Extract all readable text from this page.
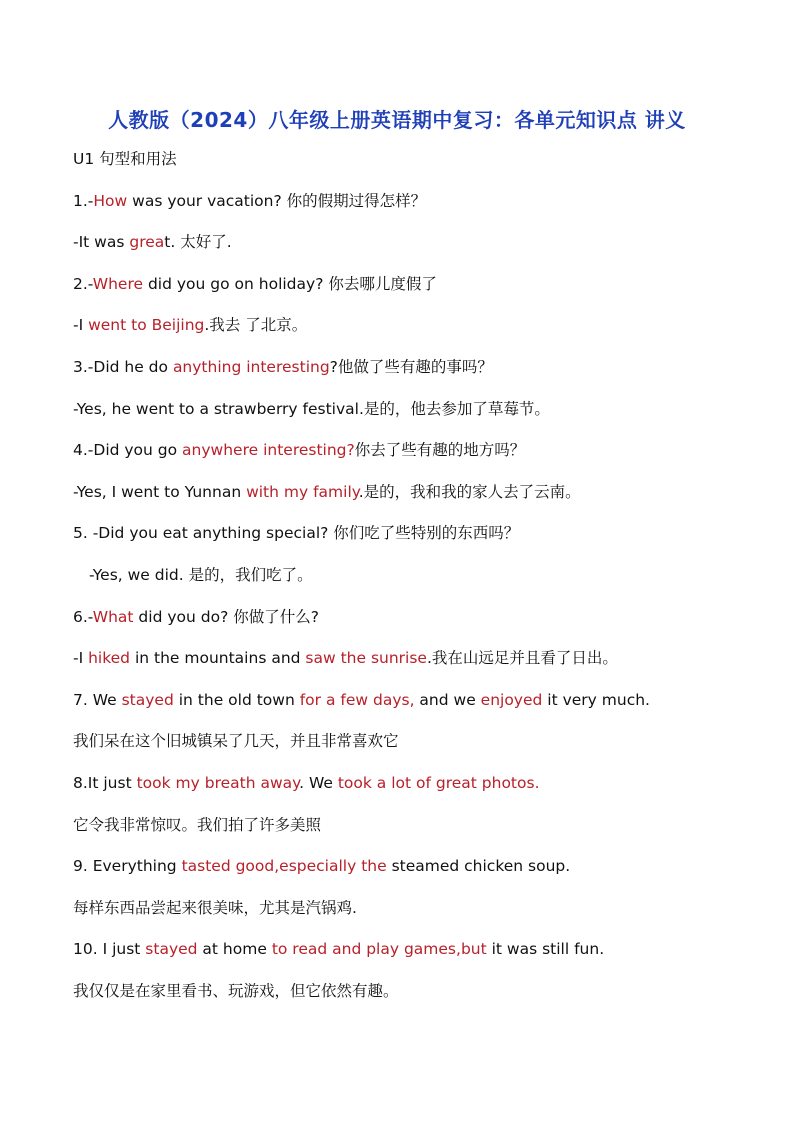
人教版（2024）八年级上册英语期中复习：各单元知识点 讲义
U1 句型和用法
1.-How was your vacation? 你的假期过得怎样？
-It was great. 太好了.
2.-Where did you go on holiday? 你去哪儿度假了
-I went to Beijing.我去 了北京。
3.-Did he do anything interesting?他做了些有趣的事吗？
-Yes, he went to a strawberry festival.是的，他去参加了草莓节。
4.-Did you go anywhere interesting?你去了些有趣的地方吗？
-Yes, I went to Yunnan with my family.是的，我和我的家人去了云南。
5. -Did you eat anything special? 你们吃了些特别的东西吗？
-Yes, we did. 是的，我们吃了。
6.-What did you do? 你做了什么?
-I hiked in the mountains and saw the sunrise.我在山远足并且看了日出。
7. We stayed in the old town for a few days, and we enjoyed it very much.
我们呆在这个旧城镇呆了几天，并且非常喜欢它
8.It just took my breath away. We took a lot of great photos.
它令我非常惊叹。我们拍了许多美照
9. Everything tasted good,especially the steamed chicken soup.
每样东西品尝起来很美味，尤其是汽锅鸡.
10. I just stayed at home to read and play games,but it was still fun.
我仅仅是在家里看书、玩游戏，但它依然有趣。
